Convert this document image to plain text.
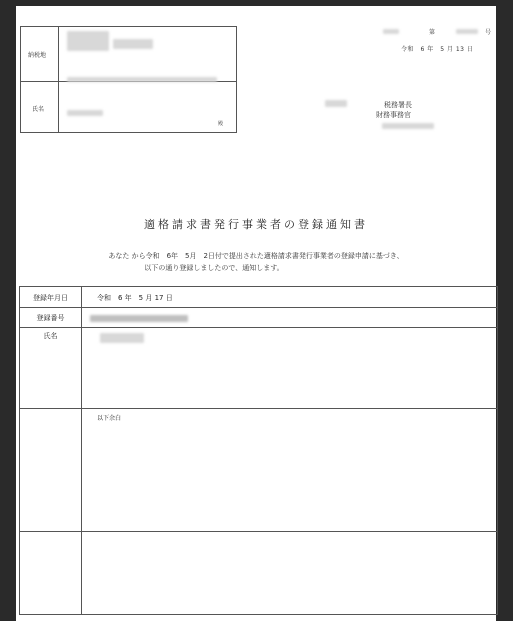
納税地
氏名
殿
第	号
令和　6 年　5 月 13 日
税務署長
財務事務官
適格請求書発行事業者の登録通知書
あなた から令和　6年　5月　2日付で提出された適格請求書発行事業者の登録申請に基づき、
以下の通り登録しましたので、通知します。
登録年月日	令和　6 年　5 月 17 日
登録番号
氏名
以下余白
